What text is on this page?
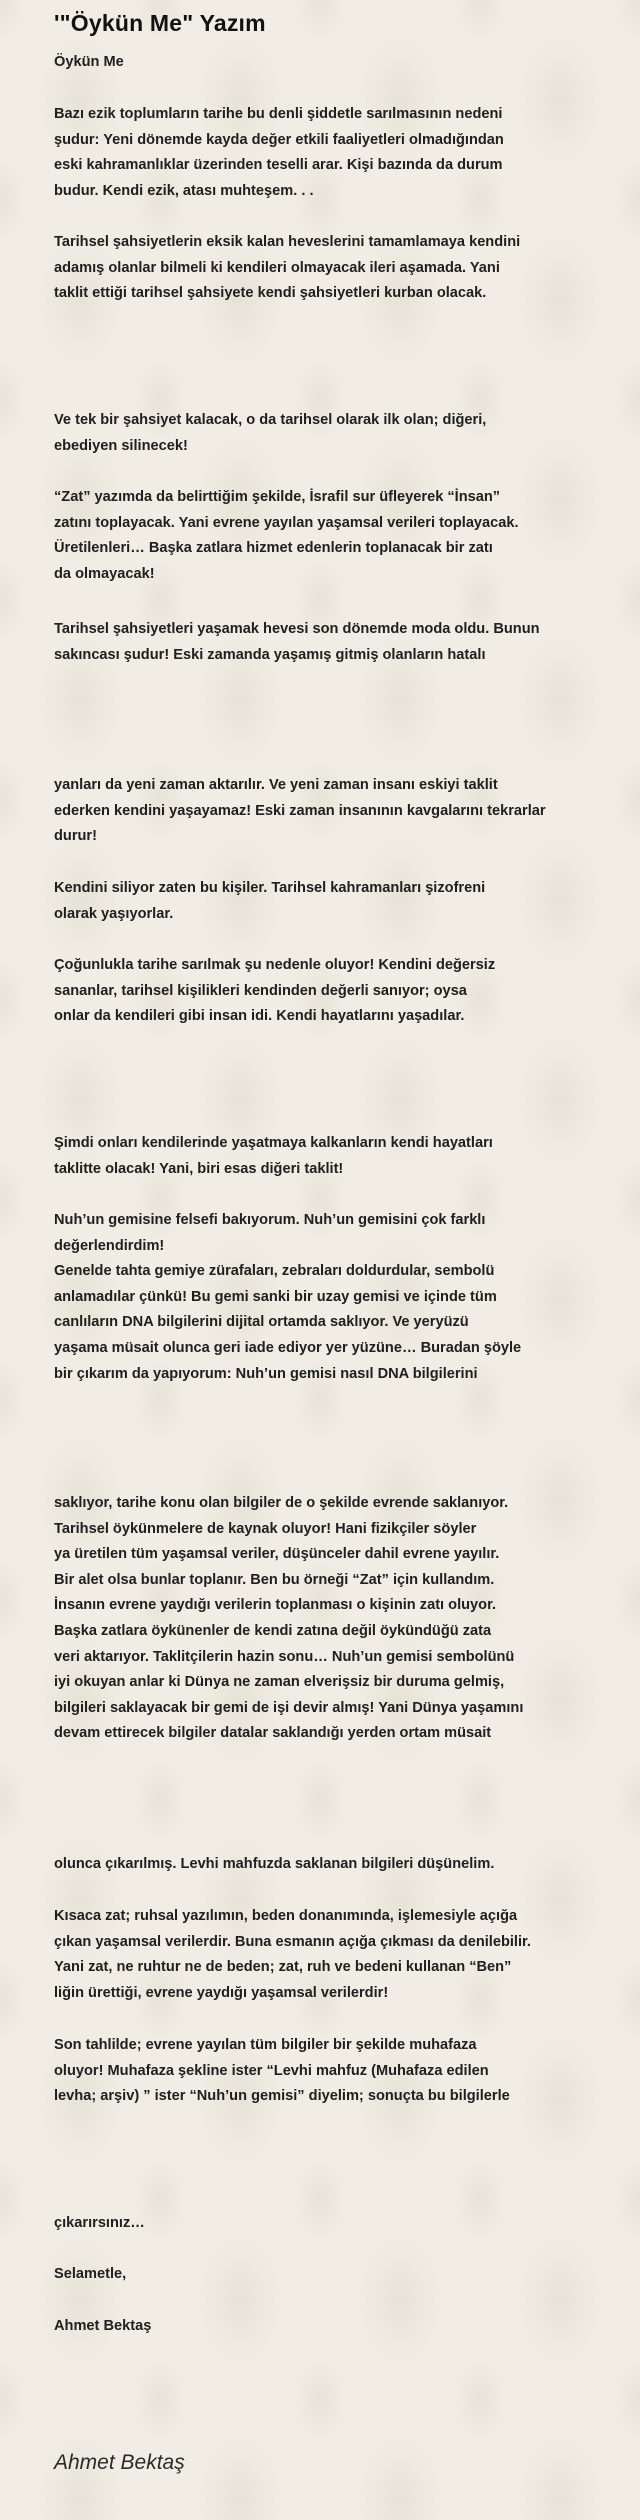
'"Öykün Me" Yazım

Öykün Me

Bazı ezik toplumların tarihe bu denli şiddetle sarılmasının nedeni
şudur: Yeni dönemde kayda değer etkili faaliyetleri olmadığından
eski kahramanlıklar üzerinden teselli arar. Kişi bazında da durum
budur. Kendi ezik, atası muhteşem. . .

Tarihsel şahsiyetlerin eksik kalan heveslerini tamamlamaya kendini
adamış olanlar bilmeli ki kendileri olmayacak ileri aşamada. Yani
taklit ettiği tarihsel şahsiyete kendi şahsiyetleri kurban olacak.

Ve tek bir şahsiyet kalacak, o da tarihsel olarak ilk olan; diğeri,
ebediyen silinecek!

“Zat” yazımda da belirttiğim şekilde, İsrafil sur üfleyerek “İnsan”
zatını toplayacak. Yani evrene yayılan yaşamsal verileri toplayacak.
Üretilenleri… Başka zatlara hizmet edenlerin toplanacak bir zatı
da olmayacak!

Tarihsel şahsiyetleri yaşamak hevesi son dönemde moda oldu. Bunun
sakıncası şudur! Eski zamanda yaşamış gitmiş olanların hatalı

yanları da yeni zaman aktarılır. Ve yeni zaman insanı eskiyi taklit
ederken kendini yaşayamaz! Eski zaman insanının kavgalarını tekrarlar
durur!

Kendini siliyor zaten bu kişiler. Tarihsel kahramanları şizofreni
olarak yaşıyorlar.

Çoğunlukla tarihe sarılmak şu nedenle oluyor! Kendini değersiz
sananlar, tarihsel kişilikleri kendinden değerli sanıyor; oysa
onlar da kendileri gibi insan idi. Kendi hayatlarını yaşadılar.

Şimdi onları kendilerinde yaşatmaya kalkanların kendi hayatları
taklitte olacak! Yani, biri esas diğeri taklit!

Nuh’un gemisine felsefi bakıyorum. Nuh’un gemisini çok farklı
değerlendirdim!
Genelde tahta gemiye zürafaları, zebraları doldurdular, sembolü
anlamadılar çünkü! Bu gemi sanki bir uzay gemisi ve içinde tüm
canlıların DNA bilgilerini dijital ortamda saklıyor. Ve yeryüzü
yaşama müsait olunca geri iade ediyor yer yüzüne… Buradan şöyle
bir çıkarım da yapıyorum: Nuh’un gemisi nasıl DNA bilgilerini

saklıyor, tarihe konu olan bilgiler de o şekilde evrende saklanıyor.
Tarihsel öykünmelere de kaynak oluyor! Hani fizikçiler söyler
ya üretilen tüm yaşamsal veriler, düşünceler dahil evrene yayılır.
Bir alet olsa bunlar toplanır. Ben bu örneği “Zat” için kullandım.
İnsanın evrene yaydığı verilerin toplanması o kişinin zatı oluyor.
Başka zatlara öykünenler de kendi zatına değil öykündüğü zata
veri aktarıyor. Taklitçilerin hazin sonu… Nuh’un gemisi sembolünü
iyi okuyan anlar ki Dünya ne zaman elverişsiz bir duruma gelmiş,
bilgileri saklayacak bir gemi de işi devir almış! Yani Dünya yaşamını
devam ettirecek bilgiler datalar saklandığı yerden ortam müsait

olunca çıkarılmış. Levhi mahfuzda saklanan bilgileri düşünelim.

Kısaca zat; ruhsal yazılımın, beden donanımında, işlemesiyle açığa
çıkan yaşamsal verilerdir. Buna esmanın açığa çıkması da denilebilir.
Yani zat, ne ruhtur ne de beden; zat, ruh ve bedeni kullanan “Ben”
liğin ürettiği, evrene yaydığı yaşamsal verilerdir!

Son tahlilde; evrene yayılan tüm bilgiler bir şekilde muhafaza
oluyor! Muhafaza şekline ister “Levhi mahfuz (Muhafaza edilen
levha; arşiv) ” ister “Nuh’un gemisi” diyelim; sonuçta bu bilgilerle

çıkarırsınız…

Selametle,

Ahmet Bektaş

Ahmet Bektaş
